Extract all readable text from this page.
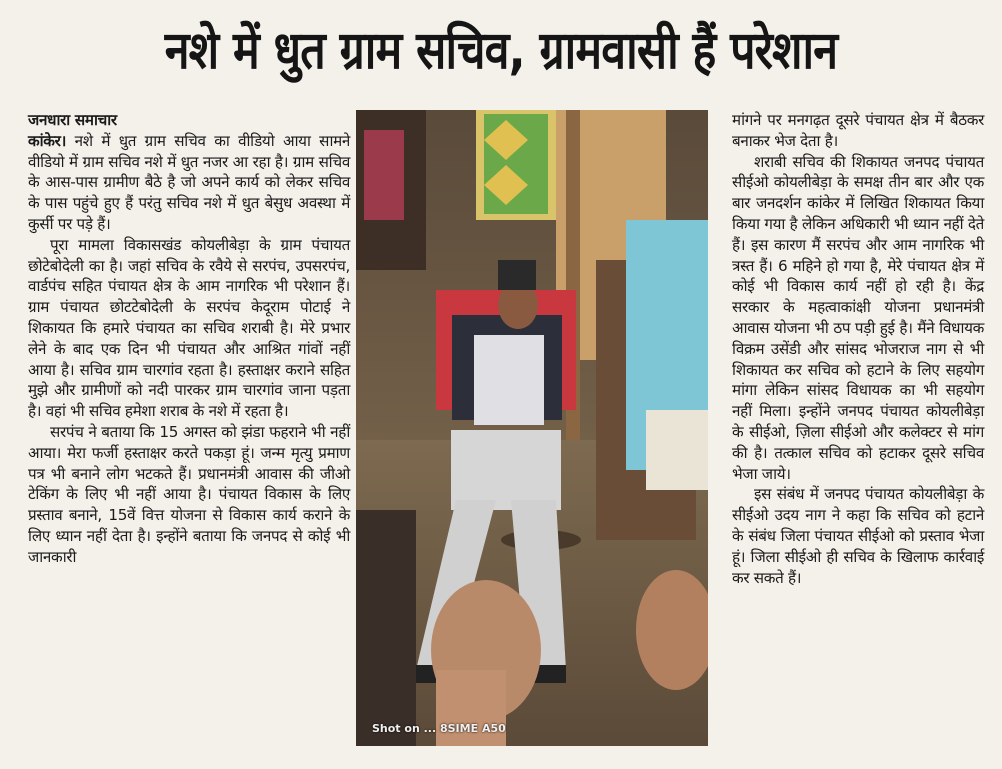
नशे में धुत ग्राम सचिव, ग्रामवासी हैं परेशान

जनधारा समाचार
कांकेर। नशे में धुत ग्राम सचिव का वीडियो आया सामने वीडियो में ग्राम सचिव नशे में धुत नजर आ रहा है। ग्राम सचिव के आस-पास ग्रामीण बैठे है जो अपने कार्य को लेकर सचिव के पास पहुंचे हुए हैं परंतु सचिव नशे में धुत बेसुध अवस्था में कुर्सी पर पड़े हैं।

पूरा मामला विकासखंड कोयलीबेड़ा के ग्राम पंचायत छोटेबोदेली का है। जहां सचिव के रवैये से सरपंच, उपसरपंच, वार्डपंच सहित पंचायत क्षेत्र के आम नागरिक भी परेशान हैं। ग्राम पंचायत छोटटेबोदेली के सरपंच केदूराम पोटाई ने शिकायत कि हमारे पंचायत का सचिव शराबी है। मेरे प्रभार लेने के बाद एक दिन भी पंचायत और आश्रित गांवों नहीं आया है। सचिव ग्राम चारगांव रहता है। हस्ताक्षर कराने सहित मुझे और ग्रामीणों को नदी पारकर ग्राम चारगांव जाना पड़ता है। वहां भी सचिव हमेशा शराब के नशे में रहता है।

सरपंच ने बताया कि 15 अगस्त को झंडा फहराने भी नहीं आया। मेरा फर्जी हस्ताक्षर करते पकड़ा हूं। जन्म मृत्यु प्रमाण पत्र भी बनाने लोग भटकते हैं। प्रधानमंत्री आवास की जीओ टेकिंग के लिए भी नहीं आया है। पंचायत विकास के लिए प्रस्ताव बनाने, 15वें वित्त योजना से विकास कार्य कराने के लिए ध्यान नहीं देता है। इन्होंने बताया कि जनपद से कोई भी जानकारी

Shot on ... 8SIME A50

मांगने पर मनगढ़त दूसरे पंचायत क्षेत्र में बैठकर बनाकर भेज देता है।

शराबी सचिव की शिकायत जनपद पंचायत सीईओ कोयलीबेड़ा के समक्ष तीन बार और एक बार जनदर्शन कांकेर में लिखित शिकायत किया किया गया है लेकिन अधिकारी भी ध्यान नहीं देते हैं। इस कारण मैं सरपंच और आम नागरिक भी त्रस्त हैं। 6 महिने हो गया है, मेरे पंचायत क्षेत्र में कोई भी विकास कार्य नहीं हो रही है। केंद्र सरकार के महत्वाकांक्षी योजना प्रधानमंत्री आवास योजना भी ठप पड़ी हुई है। मैंने विधायक विक्रम उसेंडी और सांसद भोजराज नाग से भी शिकायत कर सचिव को हटाने के लिए सहयोग मांगा लेकिन सांसद विधायक का भी सहयोग नहीं मिला। इन्होंने जनपद पंचायत कोयलीबेड़ा के सीईओ, ज़िला सीईओ और कलेक्टर से मांग की है। तत्काल सचिव को हटाकर दूसरे सचिव भेजा जाये।

इस संबंध में जनपद पंचायत कोयलीबेड़ा के सीईओ उदय नाग ने कहा कि सचिव को हटाने के संबंध जिला पंचायत सीईओ को प्रस्ताव भेजा हूं। जिला सीईओ ही सचिव के खिलाफ कार्रवाई कर सकते हैं।
